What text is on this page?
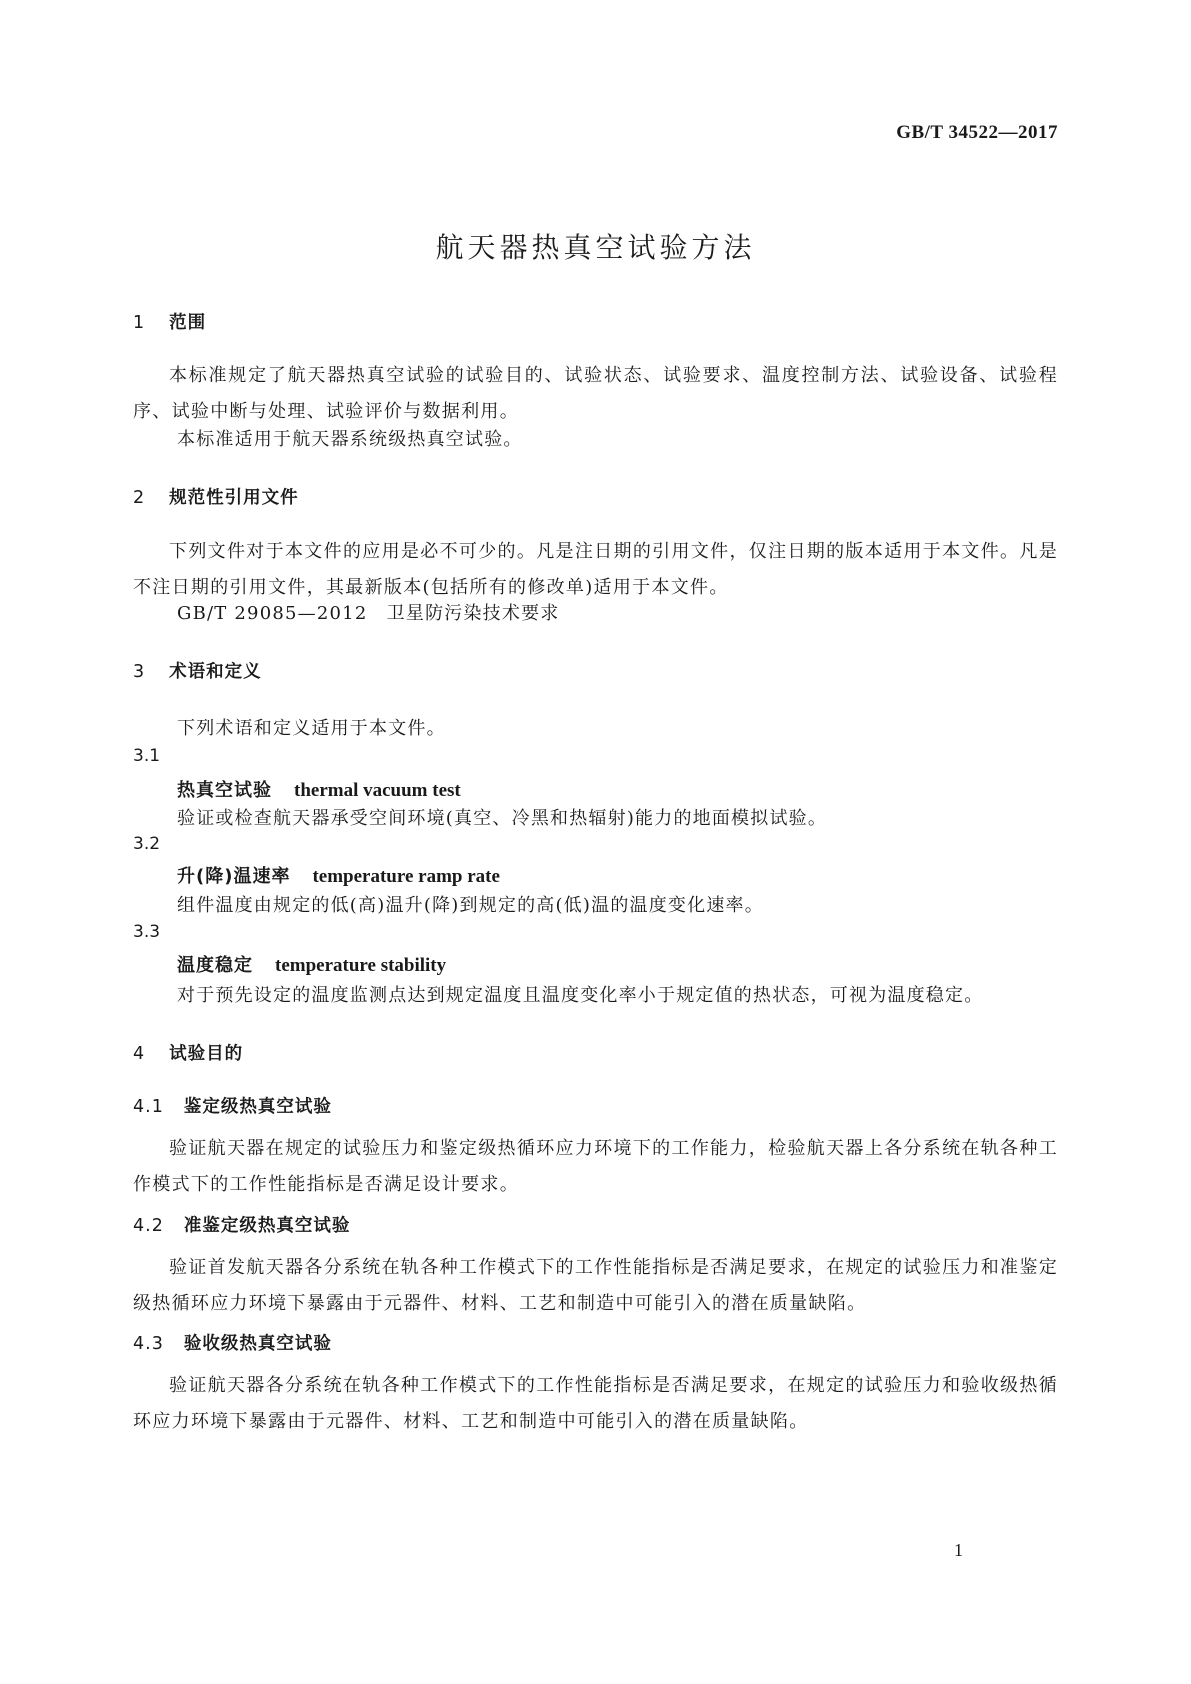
GB/T 34522—2017
航天器热真空试验方法
1 范围
本标准规定了航天器热真空试验的试验目的、试验状态、试验要求、温度控制方法、试验设备、试验程序、试验中断与处理、试验评价与数据利用。
本标准适用于航天器系统级热真空试验。
2 规范性引用文件
下列文件对于本文件的应用是必不可少的。凡是注日期的引用文件，仅注日期的版本适用于本文件。凡是不注日期的引用文件，其最新版本(包括所有的修改单)适用于本文件。
GB/T 29085—2012　卫星防污染技术要求
3 术语和定义
下列术语和定义适用于本文件。
3.1
热真空试验 thermal vacuum test
验证或检查航天器承受空间环境(真空、冷黑和热辐射)能力的地面模拟试验。
3.2
升(降)温速率 temperature ramp rate
组件温度由规定的低(高)温升(降)到规定的高(低)温的温度变化速率。
3.3
温度稳定 temperature stability
对于预先设定的温度监测点达到规定温度且温度变化率小于规定值的热状态，可视为温度稳定。
4 试验目的
4.1 鉴定级热真空试验
验证航天器在规定的试验压力和鉴定级热循环应力环境下的工作能力，检验航天器上各分系统在轨各种工作模式下的工作性能指标是否满足设计要求。
4.2 准鉴定级热真空试验
验证首发航天器各分系统在轨各种工作模式下的工作性能指标是否满足要求，在规定的试验压力和准鉴定级热循环应力环境下暴露由于元器件、材料、工艺和制造中可能引入的潜在质量缺陷。
4.3 验收级热真空试验
验证航天器各分系统在轨各种工作模式下的工作性能指标是否满足要求，在规定的试验压力和验收级热循环应力环境下暴露由于元器件、材料、工艺和制造中可能引入的潜在质量缺陷。
1
